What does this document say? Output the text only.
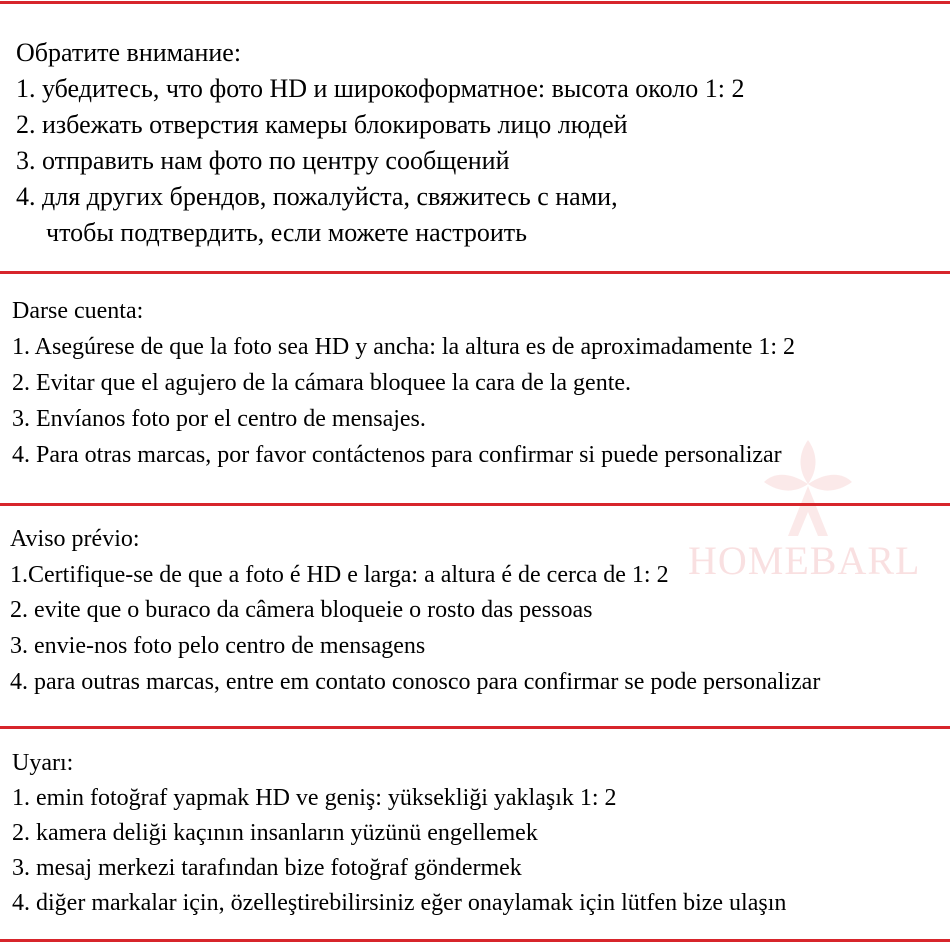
HOMEBARL
Обратите внимание:
1. убедитесь, что фото HD и широкоформатное: высота около 1: 2
2. избежать отверстия камеры блокировать лицо людей
3. отправить нам фото по центру сообщений
4. для других брендов, пожалуйста, свяжитесь с нами,
чтобы подтвердить, если можете настроить
Darse cuenta:
1. Asegúrese de que la foto sea HD y ancha: la altura es de aproximadamente 1: 2
2. Evitar que el agujero de la cámara bloquee la cara de la gente.
3. Envíanos foto por el centro de mensajes.
4. Para otras marcas, por favor contáctenos para confirmar si puede personalizar
Aviso prévio:
1.Certifique-se de que a foto é HD e larga: a altura é de cerca de 1: 2
2. evite que o buraco da câmera bloqueie o rosto das pessoas
3. envie-nos foto pelo centro de mensagens
4. para outras marcas, entre em contato conosco para confirmar se pode personalizar
Uyarı:
1. emin fotoğraf yapmak HD ve geniş: yüksekliği yaklaşık 1: 2
2. kamera deliği kaçının insanların yüzünü engellemek
3. mesaj merkezi tarafından bize fotoğraf göndermek
4. diğer markalar için, özelleştirebilirsiniz eğer onaylamak için lütfen bize ulaşın
